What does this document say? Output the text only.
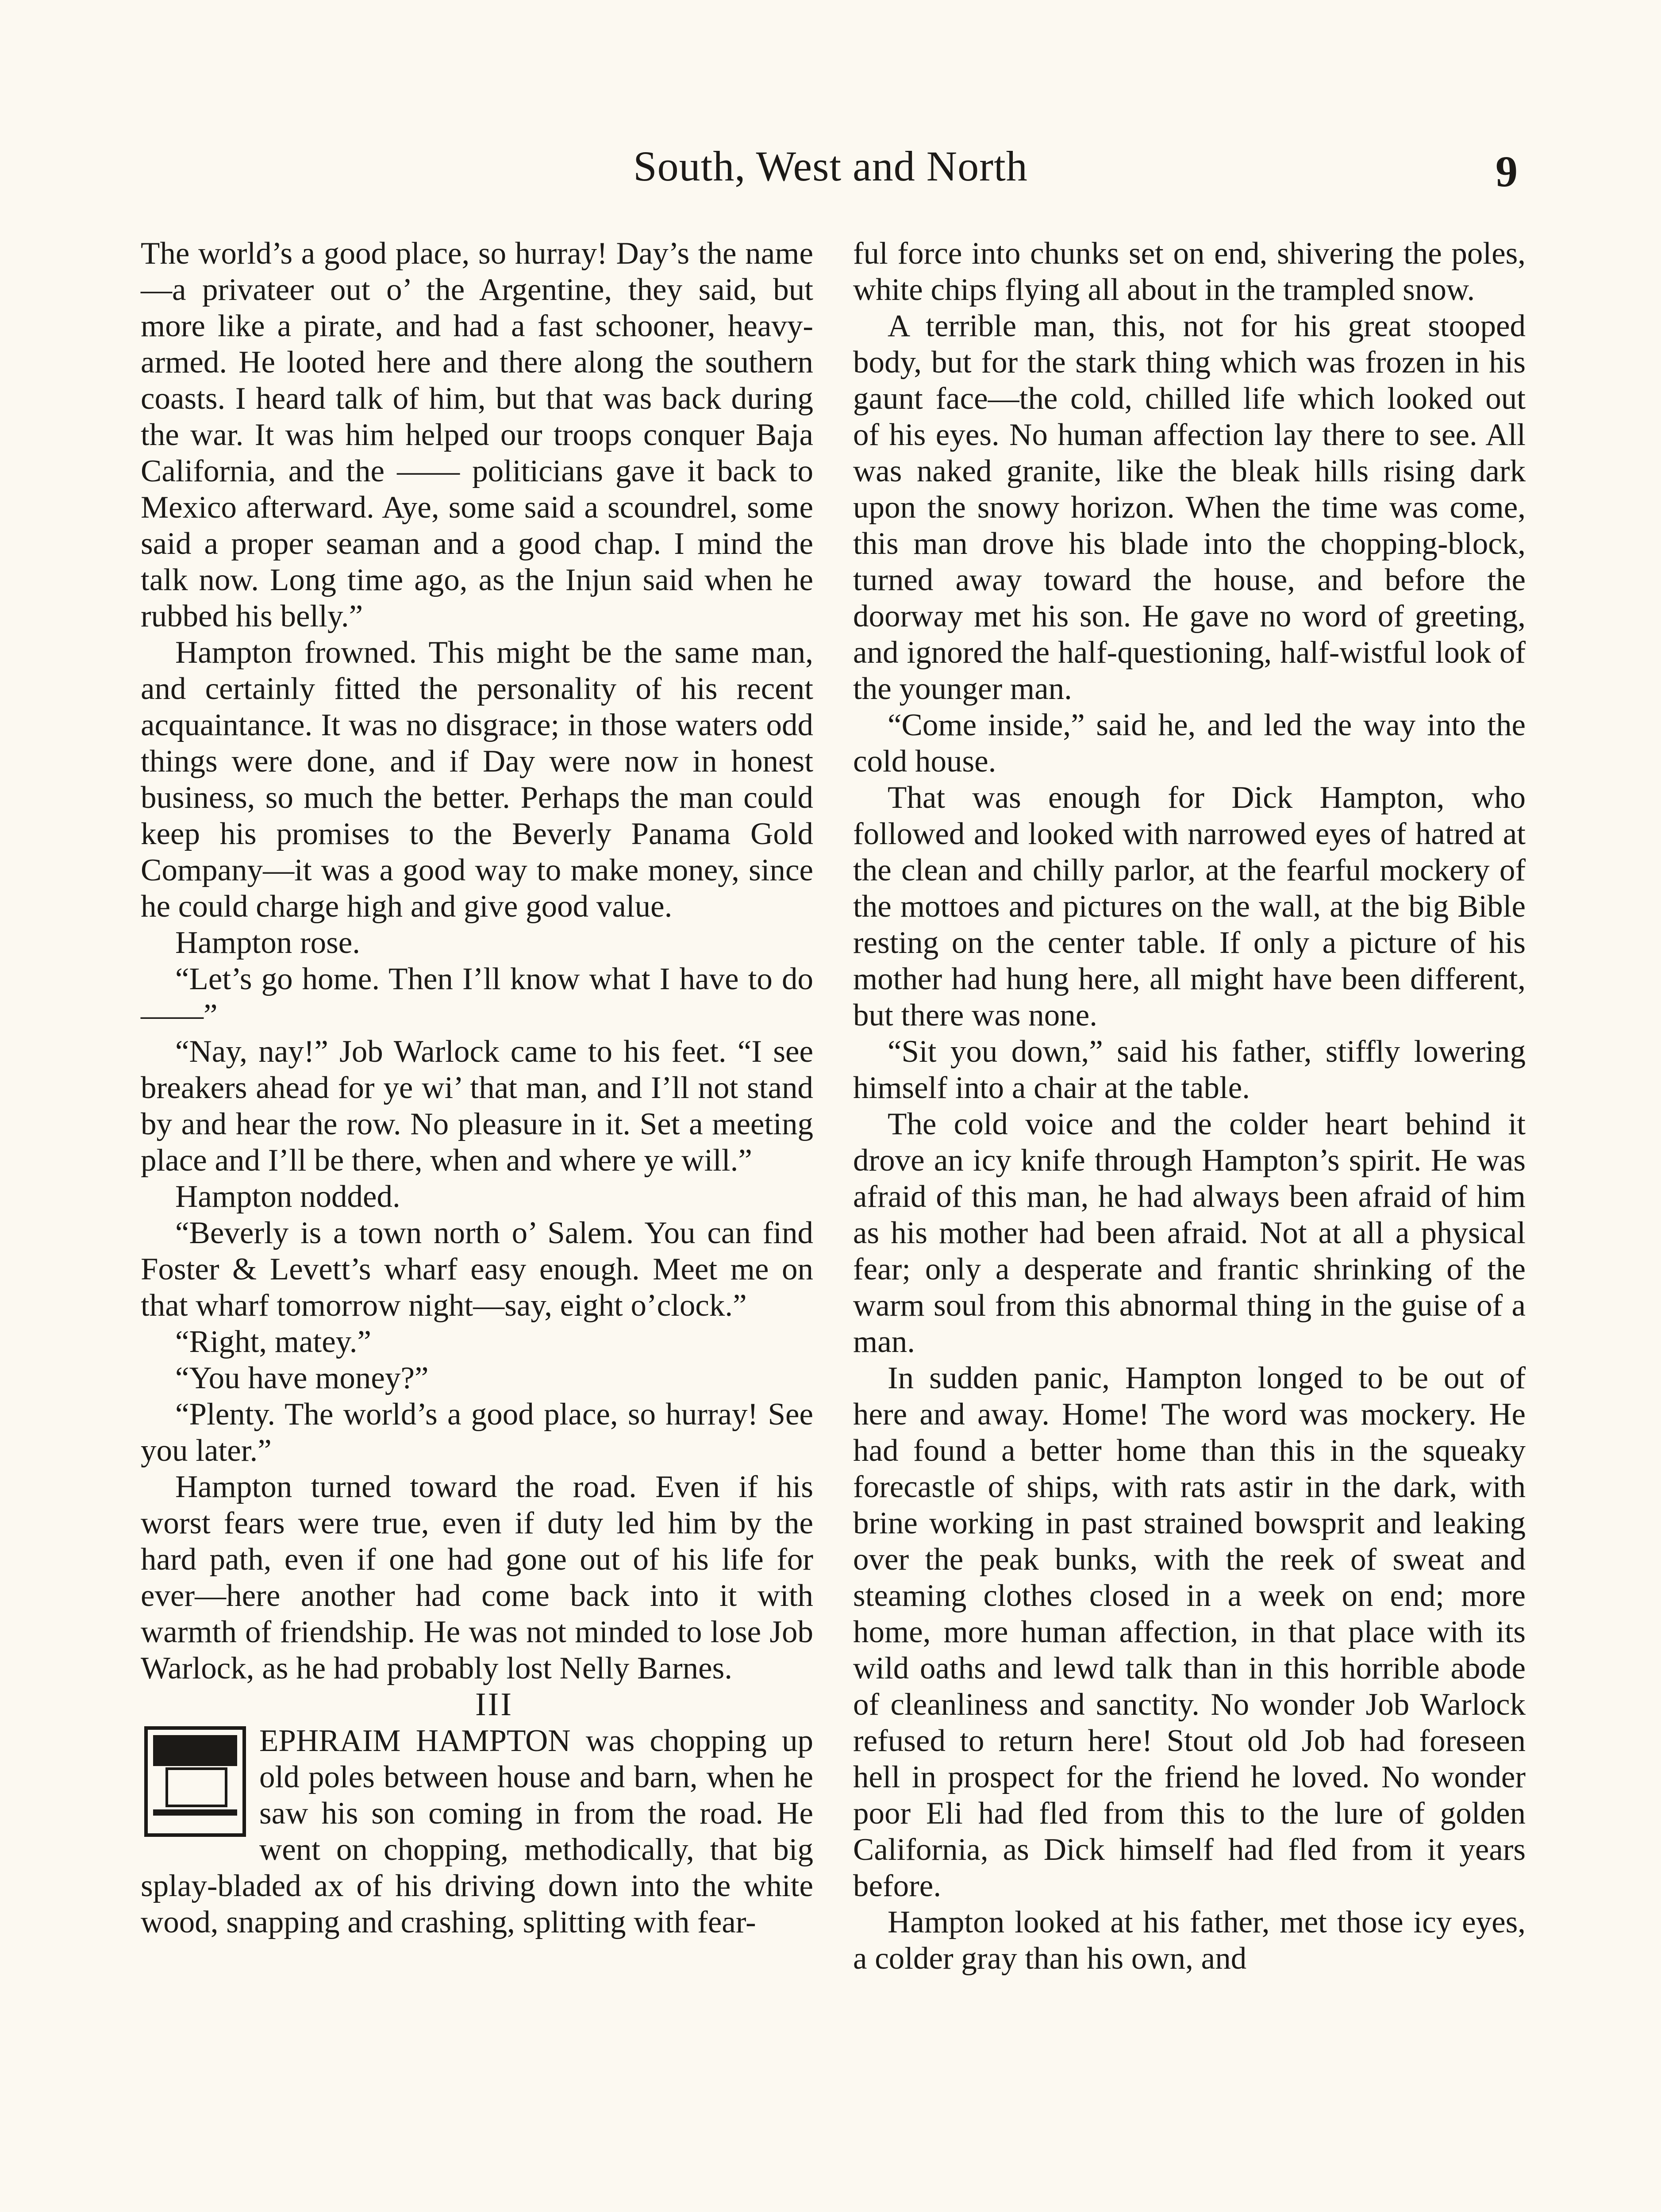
South, West and North	9

The world’s a good place, so hurray! Day’s the name—a privateer out o’ the Argentine, they said, but more like a pirate, and had a fast schooner, heavy-armed. He looted here and there along the southern coasts. I heard talk of him, but that was back during the war. It was him helped our troops conquer Baja California, and the —— politicians gave it back to Mexico afterward. Aye, some said a scoundrel, some said a proper seaman and a good chap. I mind the talk now. Long time ago, as the Injun said when he rubbed his belly.”

Hampton frowned. This might be the same man, and certainly fitted the personality of his recent acquaintance. It was no disgrace; in those waters odd things were done, and if Day were now in honest business, so much the better. Perhaps the man could keep his promises to the Beverly Panama Gold Company—it was a good way to make money, since he could charge high and give good value.

Hampton rose.

“Let’s go home. Then I’ll know what I have to do——”

“Nay, nay!” Job Warlock came to his feet. “I see breakers ahead for ye wi’ that man, and I’ll not stand by and hear the row. No pleasure in it. Set a meeting place and I’ll be there, when and where ye will.”

Hampton nodded.

“Beverly is a town north o’ Salem. You can find Foster & Levett’s wharf easy enough. Meet me on that wharf tomorrow night—say, eight o’clock.”

“Right, matey.”

“You have money?”

“Plenty. The world’s a good place, so hurray! See you later.”

Hampton turned toward the road. Even if his worst fears were true, even if duty led him by the hard path, even if one had gone out of his life for ever—here another had come back into it with warmth of friendship. He was not minded to lose Job Warlock, as he had probably lost Nelly Barnes.

III

EPHRAIM HAMPTON was chopping up old poles between house and barn, when he saw his son coming in from the road. He went on chopping, methodically, that big splay-bladed ax of his driving down into the white wood, snapping and crashing, splitting with fear-

ful force into chunks set on end, shivering the poles, white chips flying all about in the trampled snow.

A terrible man, this, not for his great stooped body, but for the stark thing which was frozen in his gaunt face—the cold, chilled life which looked out of his eyes. No human affection lay there to see. All was naked granite, like the bleak hills rising dark upon the snowy horizon. When the time was come, this man drove his blade into the chopping-block, turned away toward the house, and before the doorway met his son. He gave no word of greeting, and ignored the half-questioning, half-wistful look of the younger man.

“Come inside,” said he, and led the way into the cold house.

That was enough for Dick Hampton, who followed and looked with narrowed eyes of hatred at the clean and chilly parlor, at the fearful mockery of the mottoes and pictures on the wall, at the big Bible resting on the center table. If only a picture of his mother had hung here, all might have been different, but there was none.

“Sit you down,” said his father, stiffly lowering himself into a chair at the table.

The cold voice and the colder heart behind it drove an icy knife through Hampton’s spirit. He was afraid of this man, he had always been afraid of him as his mother had been afraid. Not at all a physical fear; only a desperate and frantic shrinking of the warm soul from this abnormal thing in the guise of a man.

In sudden panic, Hampton longed to be out of here and away. Home! The word was mockery. He had found a better home than this in the squeaky forecastle of ships, with rats astir in the dark, with brine working in past strained bowsprit and leaking over the peak bunks, with the reek of sweat and steaming clothes closed in a week on end; more home, more human affection, in that place with its wild oaths and lewd talk than in this horrible abode of cleanliness and sanctity. No wonder Job Warlock refused to return here! Stout old Job had foreseen hell in prospect for the friend he loved. No wonder poor Eli had fled from this to the lure of golden California, as Dick himself had fled from it years before.

Hampton looked at his father, met those icy eyes, a colder gray than his own, and
